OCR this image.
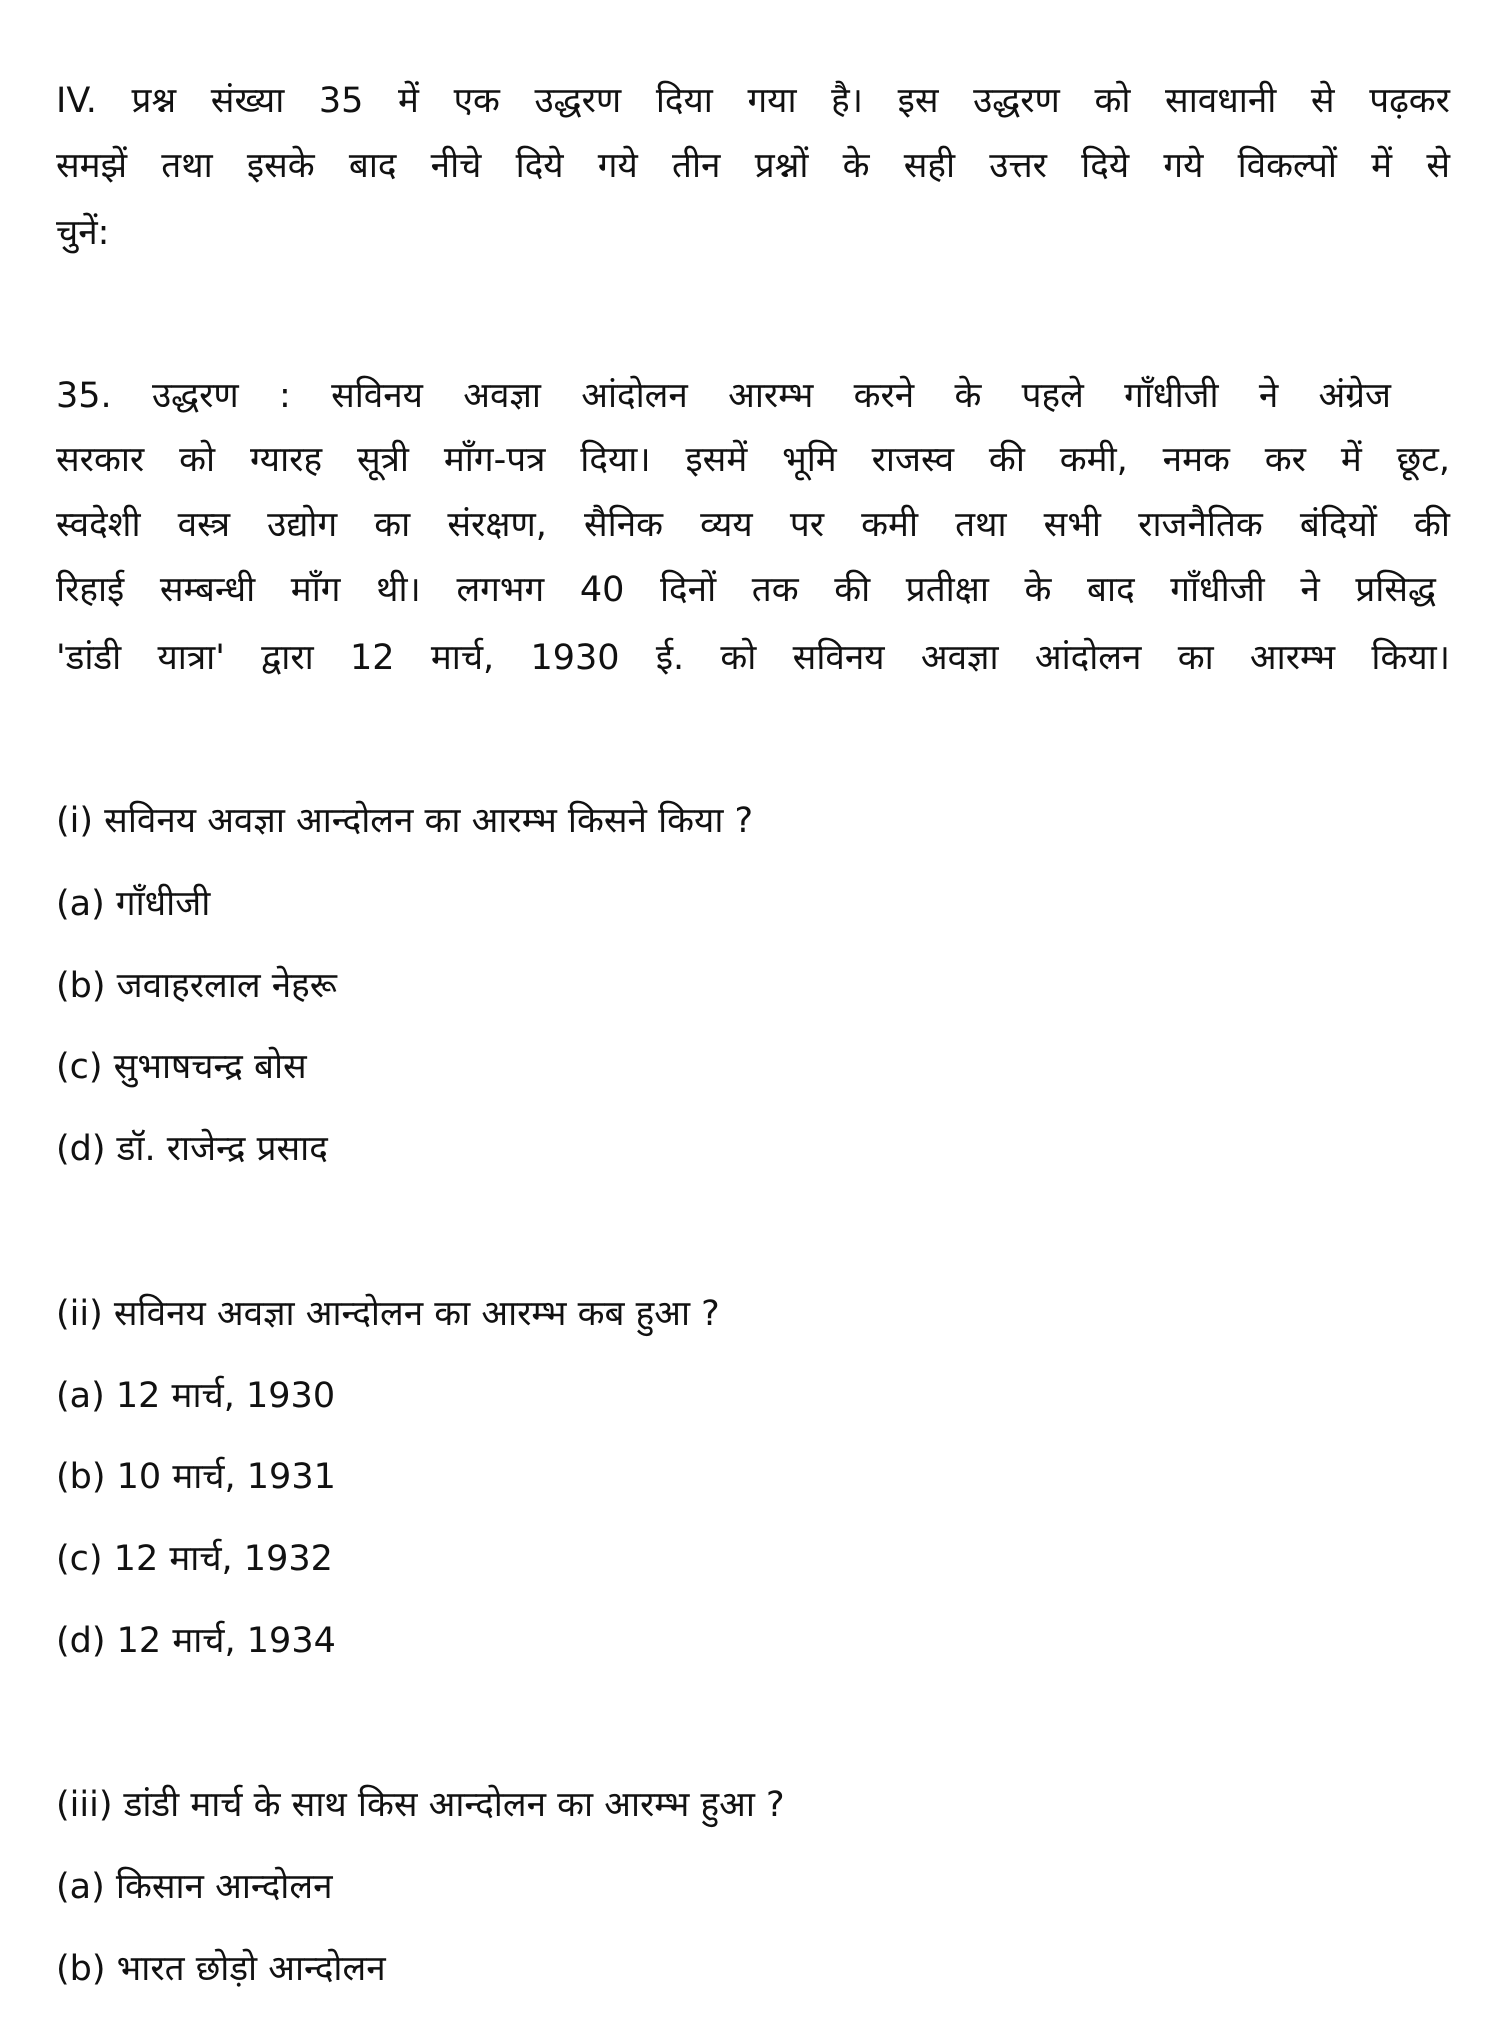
IV. प्रश्न संख्या 35 में एक उद्धरण दिया गया है। इस उद्धरण को सावधानी से पढ़कर
समझें तथा इसके बाद नीचे दिये गये तीन प्रश्नों के सही उत्तर दिये गये विकल्पों में से
चुनें:
35. उद्धरण : सविनय अवज्ञा आंदोलन आरम्भ करने के पहले गाँधीजी ने अंग्रेज
सरकार को ग्यारह सूत्री माँग-पत्र दिया। इसमें भूमि राजस्व की कमी, नमक कर में छूट,
स्वदेशी वस्त्र उद्योग का संरक्षण, सैनिक व्यय पर कमी तथा सभी राजनैतिक बंदियों की
रिहाई सम्बन्धी माँग थी। लगभग 40 दिनों तक की प्रतीक्षा के बाद गाँधीजी ने प्रसिद्ध
'डांडी यात्रा' द्वारा 12 मार्च, 1930 ई. को सविनय अवज्ञा आंदोलन का आरम्भ किया।
(i) सविनय अवज्ञा आन्दोलन का आरम्भ किसने किया ?
(a) गाँधीजी
(b) जवाहरलाल नेहरू
(c) सुभाषचन्द्र बोस
(d) डॉ. राजेन्द्र प्रसाद
(ii) सविनय अवज्ञा आन्दोलन का आरम्भ कब हुआ ?
(a) 12 मार्च, 1930
(b) 10 मार्च, 1931
(c) 12 मार्च, 1932
(d) 12 मार्च, 1934
(iii) डांडी मार्च के साथ किस आन्दोलन का आरम्भ हुआ ?
(a) किसान आन्दोलन
(b) भारत छोड़ो आन्दोलन
